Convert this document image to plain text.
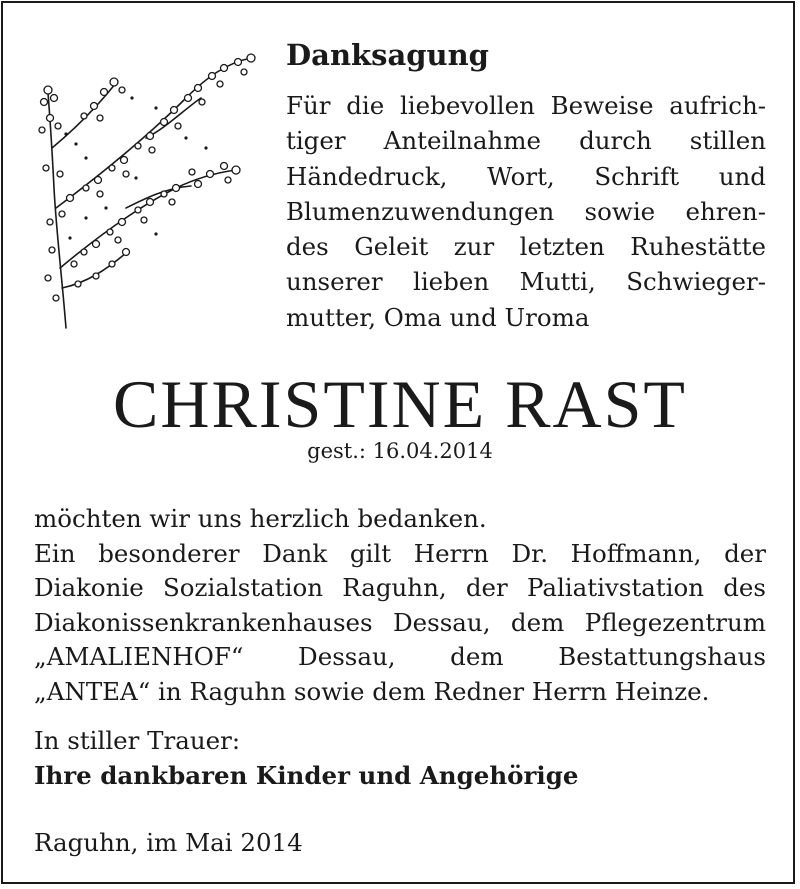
Danksagung
Für die liebevollen Beweise aufrich-
tiger Anteilnahme durch stillen
Händedruck, Wort, Schrift und
Blumenzuwendungen sowie ehren-
des Geleit zur letzten Ruhestätte
unserer lieben Mutti, Schwieger-
mutter, Oma und Uroma
CHRISTINE RAST
gest.: 16.04.2014
möchten wir uns herzlich bedanken.
Ein besonderer Dank gilt Herrn Dr. Hoffmann, der
Diakonie Sozialstation Raguhn, der Paliativstation des
Diakonissenkrankenhauses Dessau, dem Pflegezentrum
„AMALIENHOF“ Dessau, dem Bestattungshaus
„ANTEA“ in Raguhn sowie dem Redner Herrn Heinze.
In stiller Trauer:
Ihre dankbaren Kinder und Angehörige
Raguhn, im Mai 2014
